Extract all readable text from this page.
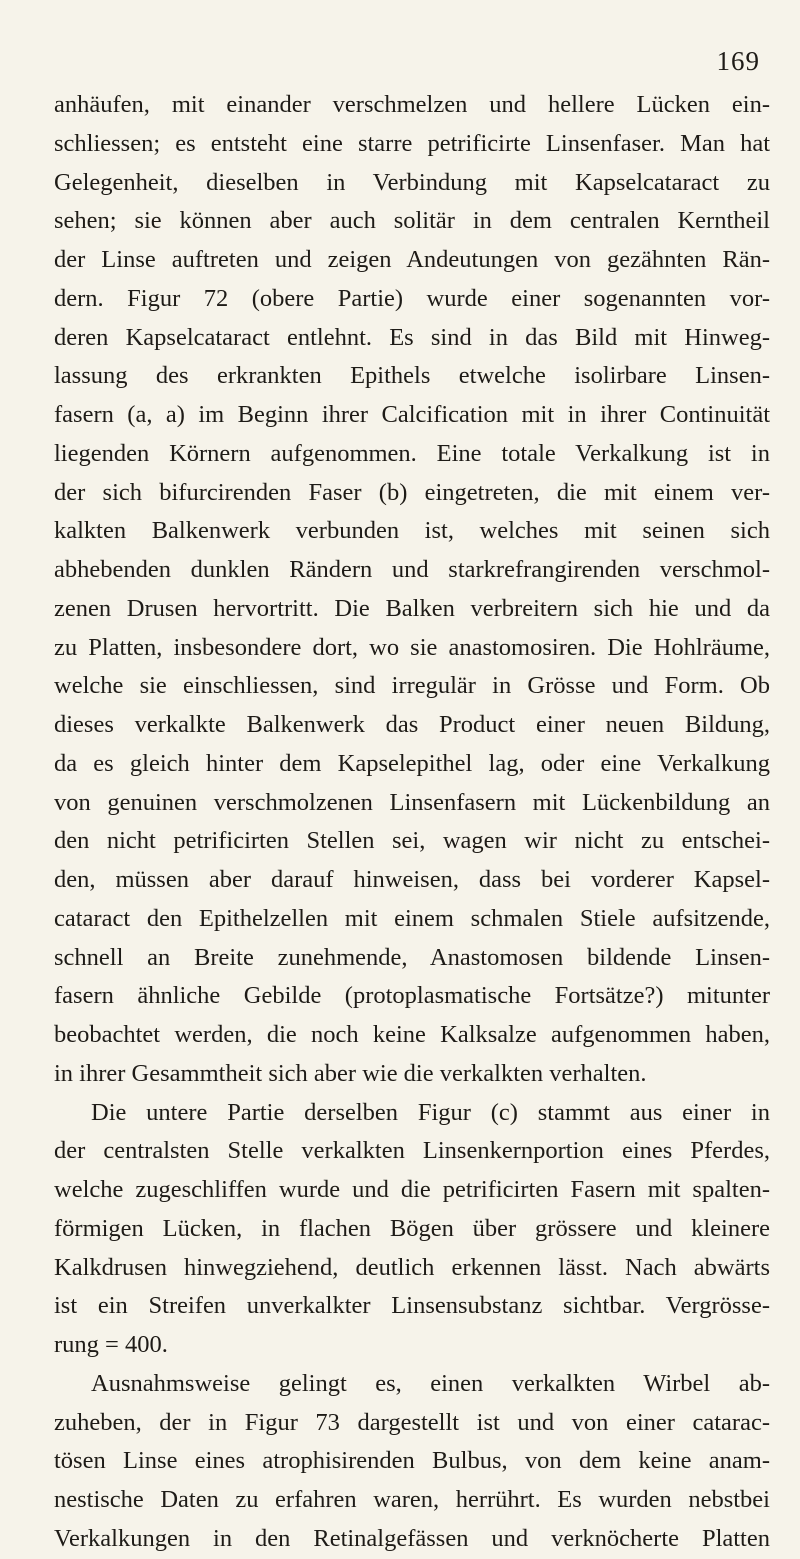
169
anhäufen, mit einander verschmelzen und hellere Lücken ein-
schliessen; es entsteht eine starre petrificirte Linsenfaser. Man hat
Gelegenheit, dieselben in Verbindung mit Kapselcataract zu
sehen; sie können aber auch solitär in dem centralen Kerntheil
der Linse auftreten und zeigen Andeutungen von gezähnten Rän-
dern. Figur 72 (obere Partie) wurde einer sogenannten vor-
deren Kapselcataract entlehnt. Es sind in das Bild mit Hinweg-
lassung des erkrankten Epithels etwelche isolirbare Linsen-
fasern (a, a) im Beginn ihrer Calcification mit in ihrer Continuität
liegenden Körnern aufgenommen. Eine totale Verkalkung ist in
der sich bifurcirenden Faser (b) eingetreten, die mit einem ver-
kalkten Balkenwerk verbunden ist, welches mit seinen sich
abhebenden dunklen Rändern und starkrefrangirenden verschmol-
zenen Drusen hervortritt. Die Balken verbreitern sich hie und da
zu Platten, insbesondere dort, wo sie anastomosiren. Die Hohlräume,
welche sie einschliessen, sind irregulär in Grösse und Form. Ob
dieses verkalkte Balkenwerk das Product einer neuen Bildung,
da es gleich hinter dem Kapselepithel lag, oder eine Verkalkung
von genuinen verschmolzenen Linsenfasern mit Lückenbildung an
den nicht petrificirten Stellen sei, wagen wir nicht zu entschei-
den, müssen aber darauf hinweisen, dass bei vorderer Kapsel-
cataract den Epithelzellen mit einem schmalen Stiele aufsitzende,
schnell an Breite zunehmende, Anastomosen bildende Linsen-
fasern ähnliche Gebilde (protoplasmatische Fortsätze?) mitunter
beobachtet werden, die noch keine Kalksalze aufgenommen haben,
in ihrer Gesammtheit sich aber wie die verkalkten verhalten.
Die untere Partie derselben Figur (c) stammt aus einer in
der centralsten Stelle verkalkten Linsenkernportion eines Pferdes,
welche zugeschliffen wurde und die petrificirten Fasern mit spalten-
förmigen Lücken, in flachen Bögen über grössere und kleinere
Kalkdrusen hinwegziehend, deutlich erkennen lässt. Nach abwärts
ist ein Streifen unverkalkter Linsensubstanz sichtbar. Vergrösse-
rung = 400.
Ausnahmsweise gelingt es, einen verkalkten Wirbel ab-
zuheben, der in Figur 73 dargestellt ist und von einer catarac-
tösen Linse eines atrophisirenden Bulbus, von dem keine anam-
nestische Daten zu erfahren waren, herrührt. Es wurden nebstbei
Verkalkungen in den Retinalgefässen und verknöcherte Platten
